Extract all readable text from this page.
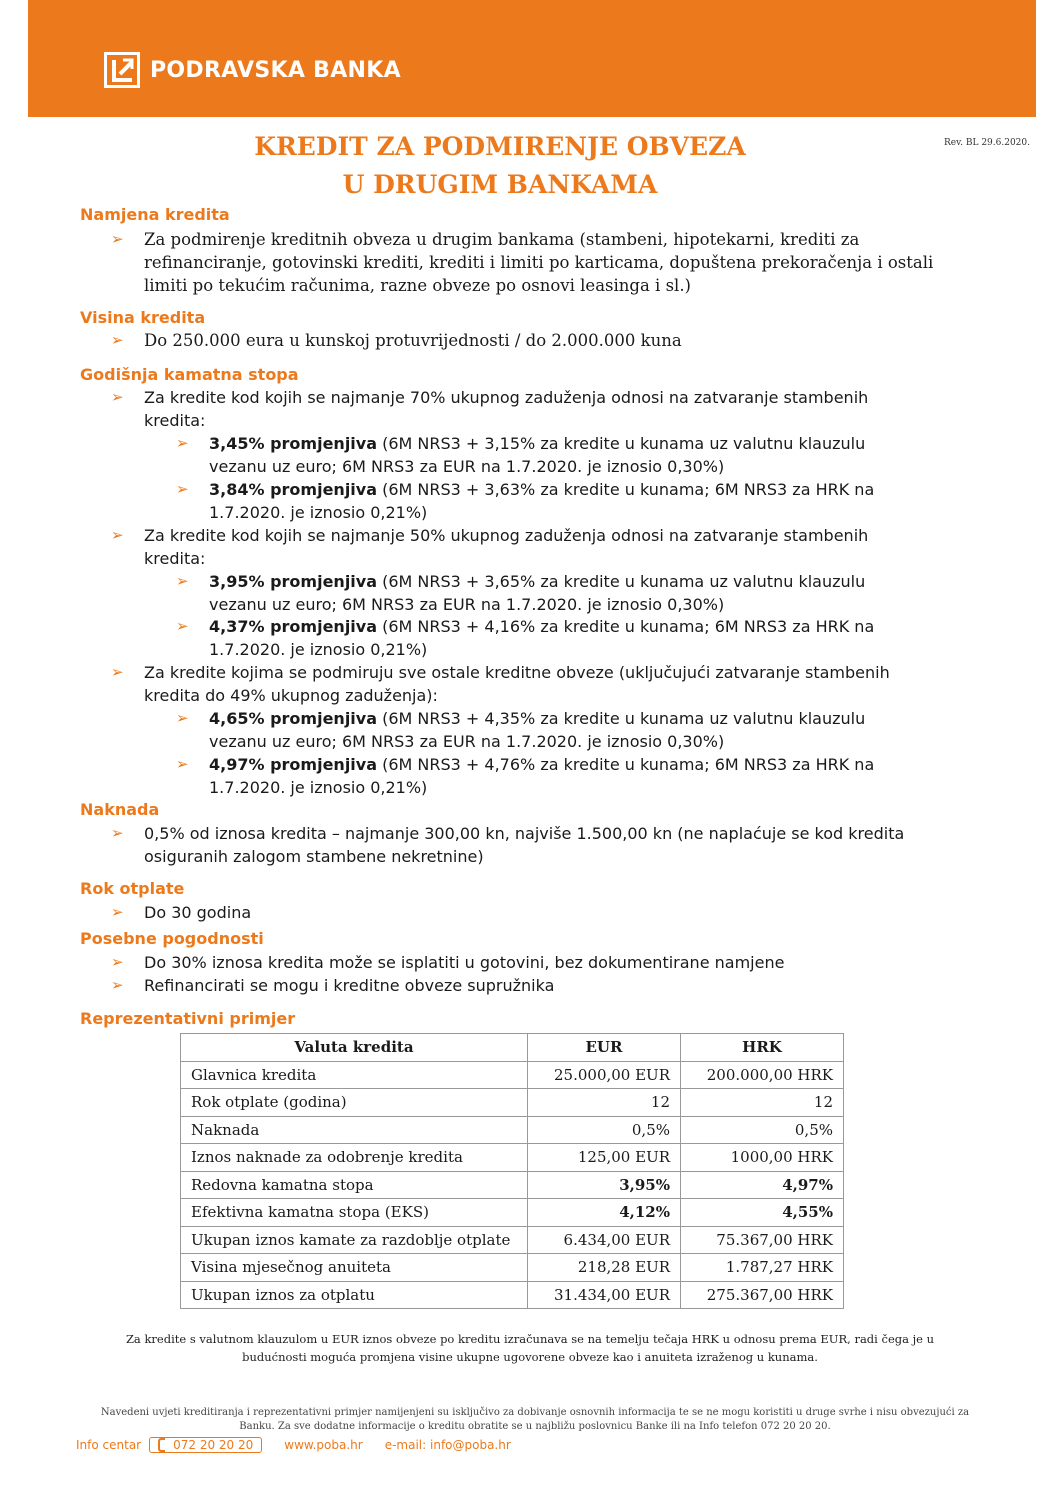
PODRAVSKA BANKA
Rev. BL 29.6.2020.
KREDIT ZA PODMIRENJE OBVEZA
U DRUGIM BANKAMA
Namjena kredita
➢ Za podmirenje kreditnih obveza u drugim bankama (stambeni, hipotekarni, krediti za
refinanciranje, gotovinski krediti, krediti i limiti po karticama, dopuštena prekoračenja i ostali
limiti po tekućim računima, razne obveze po osnovi leasinga i sl.)
Visina kredita
➢ Do 250.000 eura u kunskoj protuvrijednosti / do 2.000.000 kuna
Godišnja kamatna stopa
➢ Za kredite kod kojih se najmanje 70% ukupnog zaduženja odnosi na zatvaranje stambenih
kredita:
➢ 3,45% promjenjiva (6M NRS3 + 3,15% za kredite u kunama uz valutnu klauzulu
vezanu uz euro; 6M NRS3 za EUR na 1.7.2020. je iznosio 0,30%)
➢ 3,84% promjenjiva (6M NRS3 + 3,63% za kredite u kunama; 6M NRS3 za HRK na
1.7.2020. je iznosio 0,21%)
➢ Za kredite kod kojih se najmanje 50% ukupnog zaduženja odnosi na zatvaranje stambenih
kredita:
➢ 3,95% promjenjiva (6M NRS3 + 3,65% za kredite u kunama uz valutnu klauzulu
vezanu uz euro; 6M NRS3 za EUR na 1.7.2020. je iznosio 0,30%)
➢ 4,37% promjenjiva (6M NRS3 + 4,16% za kredite u kunama; 6M NRS3 za HRK na
1.7.2020. je iznosio 0,21%)
➢ Za kredite kojima se podmiruju sve ostale kreditne obveze (uključujući zatvaranje stambenih
kredita do 49% ukupnog zaduženja):
➢ 4,65% promjenjiva (6M NRS3 + 4,35% za kredite u kunama uz valutnu klauzulu
vezanu uz euro; 6M NRS3 za EUR na 1.7.2020. je iznosio 0,30%)
➢ 4,97% promjenjiva (6M NRS3 + 4,76% za kredite u kunama; 6M NRS3 za HRK na
1.7.2020. je iznosio 0,21%)
Naknada
➢ 0,5% od iznosa kredita – najmanje 300,00 kn, najviše 1.500,00 kn (ne naplaćuje se kod kredita
osiguranih zalogom stambene nekretnine)
Rok otplate
➢ Do 30 godina
Posebne pogodnosti
➢ Do 30% iznosa kredita može se isplatiti u gotovini, bez dokumentirane namjene
➢ Refinancirati se mogu i kreditne obveze supružnika
Reprezentativni primjer
Valuta kredita	EUR	HRK
Glavnica kredita	25.000,00 EUR	200.000,00 HRK
Rok otplate (godina)	12	12
Naknada	0,5%	0,5%
Iznos naknade za odobrenje kredita	125,00 EUR	1000,00 HRK
Redovna kamatna stopa	3,95%	4,97%
Efektivna kamatna stopa (EKS)	4,12%	4,55%
Ukupan iznos kamate za razdoblje otplate	6.434,00 EUR	75.367,00 HRK
Visina mjesečnog anuiteta	218,28 EUR	1.787,27 HRK
Ukupan iznos za otplatu	31.434,00 EUR	275.367,00 HRK
Za kredite s valutnom klauzulom u EUR iznos obveze po kreditu izračunava se na temelju tečaja HRK u odnosu prema EUR, radi čega je u
budućnosti moguća promjena visine ukupne ugovorene obveze kao i anuiteta izraženog u kunama.
Navedeni uvjeti kreditiranja i reprezentativni primjer namijenjeni su isključivo za dobivanje osnovnih informacija te se ne mogu koristiti u druge svrhe i nisu obvezujući za
Banku. Za sve dodatne informacije o kreditu obratite se u najbližu poslovnicu Banke ili na Info telefon 072 20 20 20.
Info centar	072 20 20 20	www.poba.hr e-mail: info@poba.hr
